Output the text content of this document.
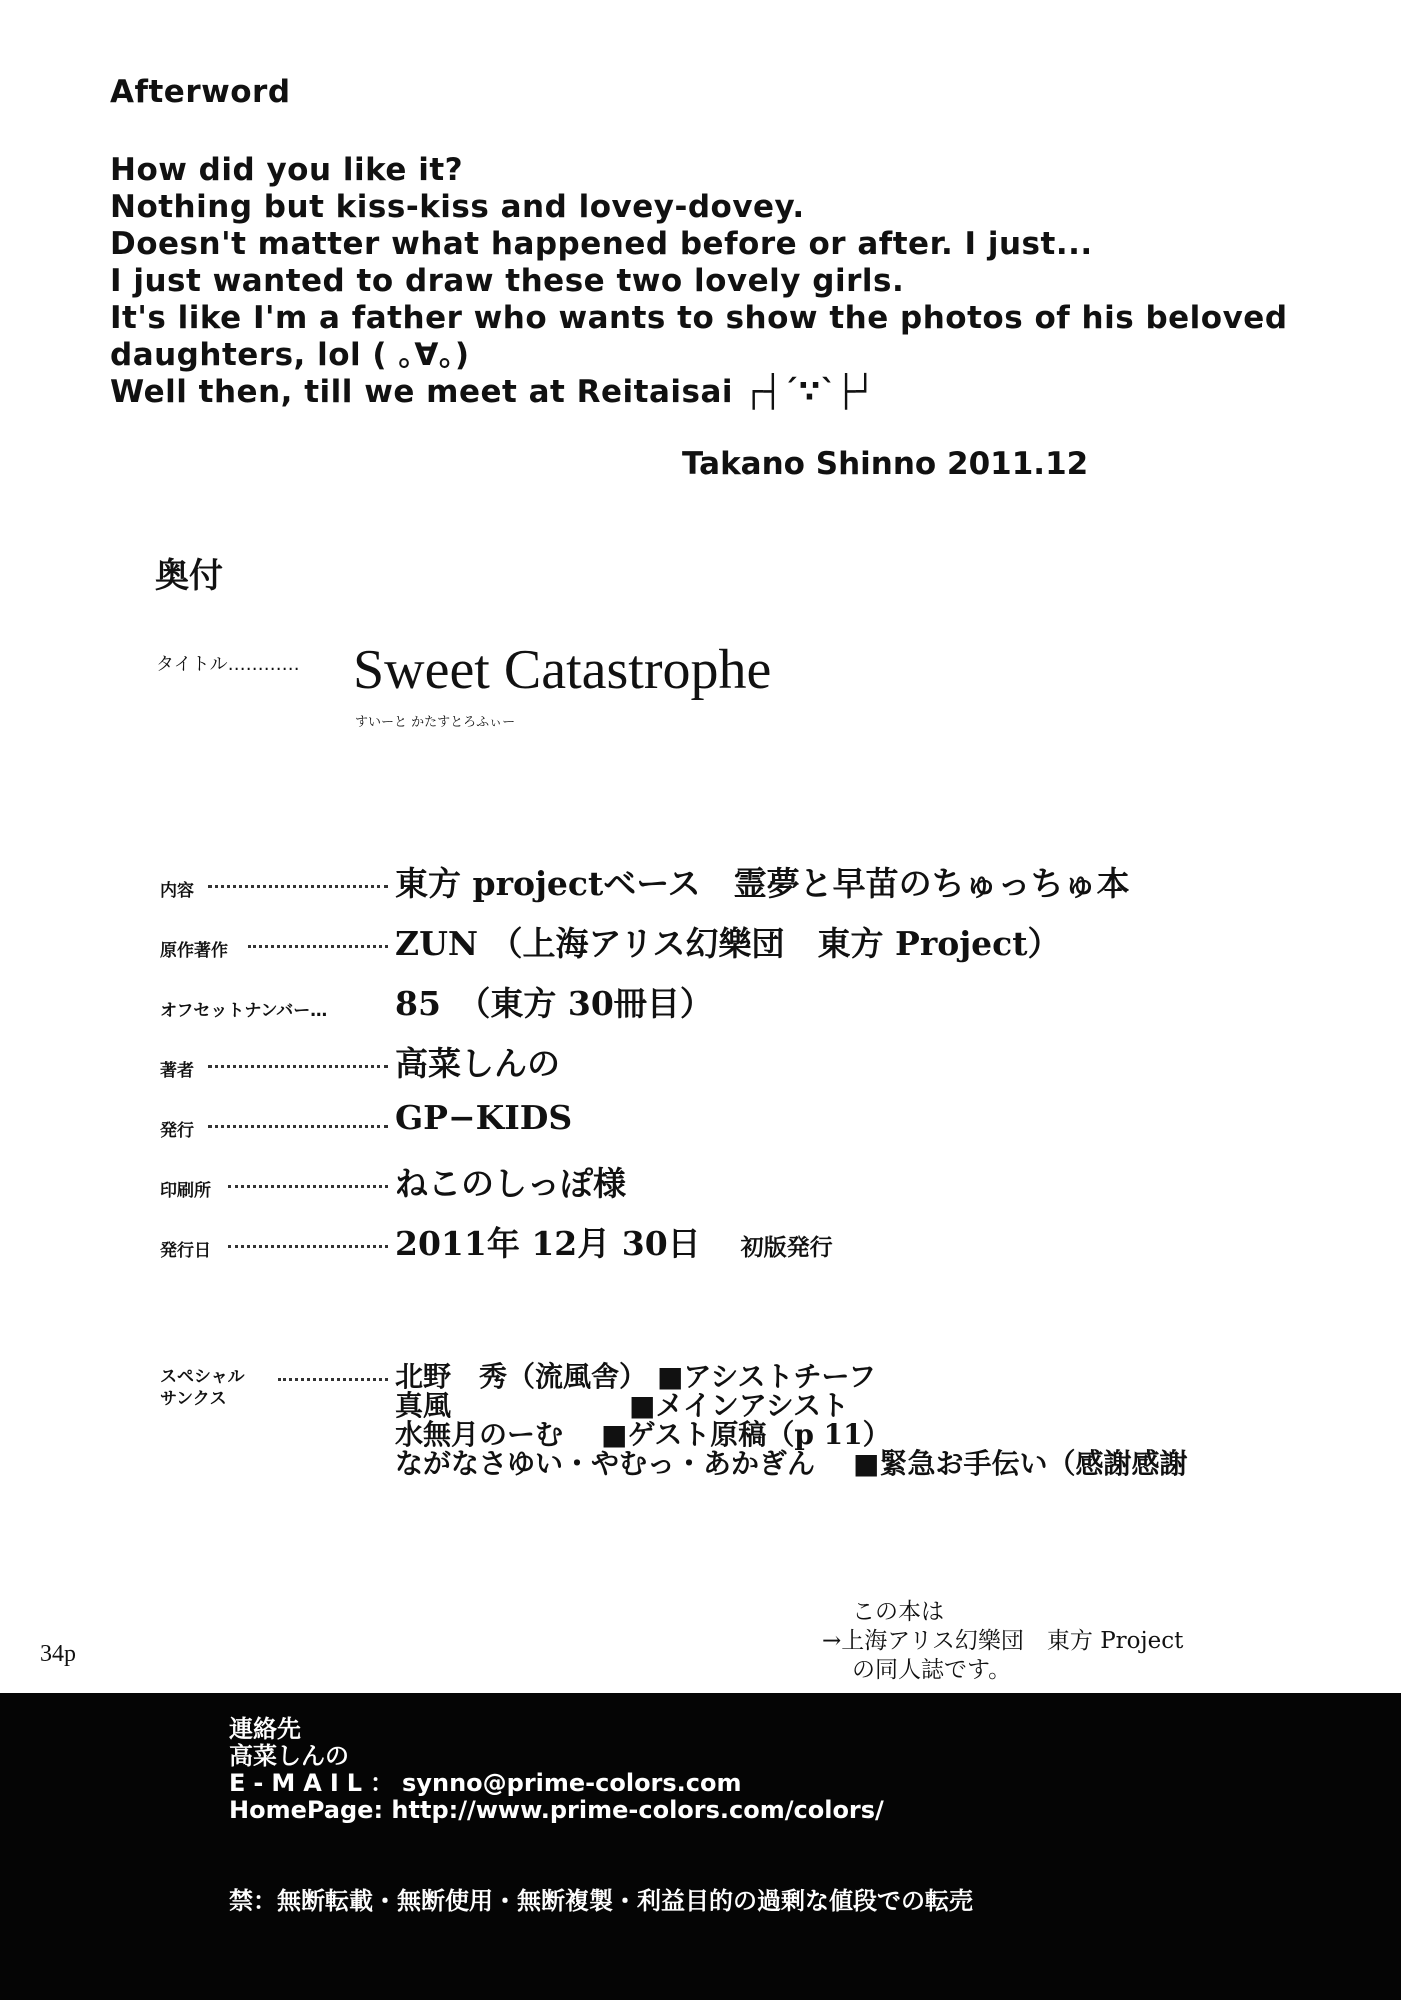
Afterword
How did you like it?
Nothing but kiss-kiss and lovey-dovey.
Doesn't matter what happened before or after. I just...
I just wanted to draw these two lovely girls.
It's like I'm a father who wants to show the photos of his beloved
daughters, lol ( ｡∀｡)
Well then, till we meet at Reitaisai ┌┤´∵`├┘
Takano Shinno 2011.12
奥付
タイトル………… Sweet Catastrophe
すいーと かたすとろふぃー
内容	東方 projectベース　霊夢と早苗のちゅっちゅ本
原作著作	ZUN （上海アリス幻樂団　東方 Project）
オフセットナンバー… 85　（東方 30冊目）
著者	高菜しんの
発行	GP−KIDS
印刷所	ねこのしっぽ様
発行日	2011年 12月 30日 初版発行
スペシャル
サンクス
北野　秀（流風舎） ■アシストチーフ
真風　　　　　　■メインアシスト
水無月のーむ　■ゲスト原稿（p 11）
ながなさゆい・やむっ・あかぎん　■緊急お手伝い（感謝感謝
34p
この本は
→上海アリス幻樂団　東方 Project
の同人誌です。
連絡先
高菜しんの
E-MAIL：synno@prime-colors.com
HomePage: http://www.prime-colors.com/colors/
禁：無断転載・無断使用・無断複製・利益目的の過剰な値段での転売
